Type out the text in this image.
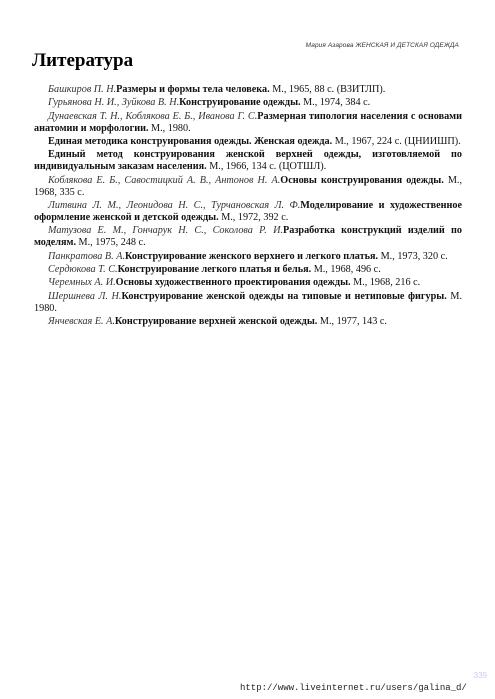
Мария Азарова ЖЕНСКАЯ И ДЕТСКАЯ ОДЕЖДА
Литература

Башкиров П. Н.Размеры и формы тела человека. М., 1965, 88 с. (ВЗИТЛП).

Гурьянова Н. И., Зуйкова В. Н.Конструирование одежды. М., 1974, 384 с.

Дунаевская Т. Н., Коблякова Е. Б., Иванова Г. С.Размерная типология населения с основами анатомии и морфологии. М., 1980.

Единая методика конструирования одежды. Женская одежда. М., 1967, 224 с. (ЦНИИШП).

Единый метод конструирования женской верхней одежды, изготовляемой по индивидуальным заказам населения. М., 1966, 134 с. (ЦОТШЛ).

Коблякова Е. Б., Савостицкий А. В., Антонов Н. А.Основы конструирования одежды. М., 1968, 335 с.

Литвина Л. М., Леонидова Н. С., Турчановская Л. Ф.Моделирование и художественное оформление женской и детской одежды. М., 1972, 392 с.

Матузова Е. М., Гончарук Н. С., Соколова Р. И.Разработка конструкций изделий по моделям. М., 1975, 248 с.

Панкратова В. А.Конструирование женского верхнего и легкого платья. М., 1973, 320 с.

Сердюкова Т. С.Конструирование легкого платья и белья. М., 1968, 496 с.

Черемных А. И.Основы художественного проектирования одежды. М., 1968, 216 с.

Шершнева Л. Н.Конструирование женской одежды на типовые и нетиповые фигуры. М. 1980.

Янчевская Е. А.Конструирование верхней женской одежды. М., 1977, 143 с.

339
http://www.liveinternet.ru/users/galina_d/
